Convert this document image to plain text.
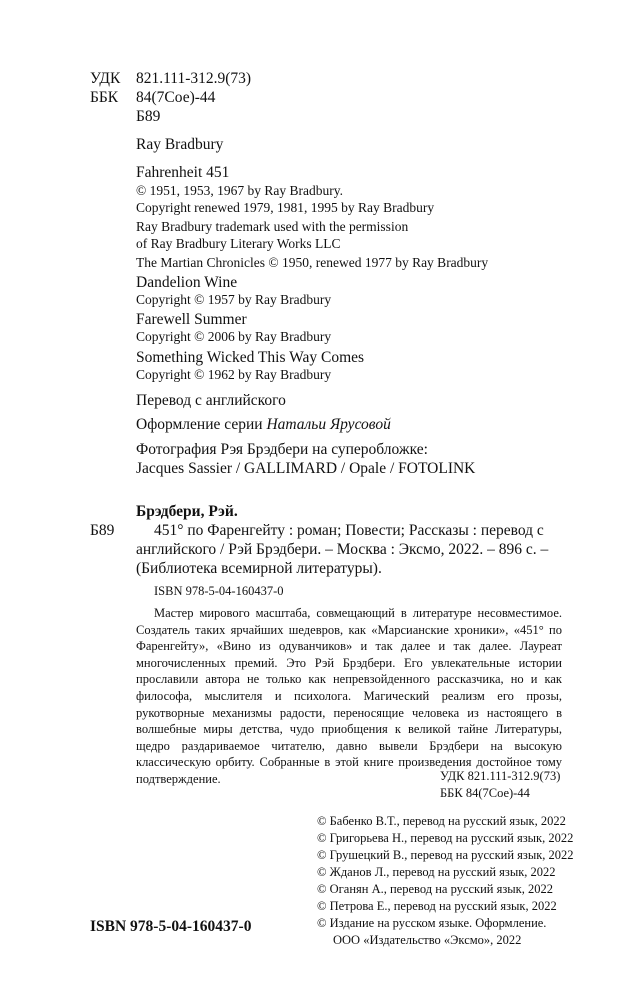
УДК 821.111-312.9(73)
ББК 84(7Сое)-44
Б89
Ray Bradbury
Fahrenheit 451
© 1951, 1953, 1967 by Ray Bradbury.
Copyright renewed 1979, 1981, 1995 by Ray Bradbury
Ray Bradbury trademark used with the permission
of Ray Bradbury Literary Works LLC
The Martian Chronicles © 1950, renewed 1977 by Ray Bradbury
Dandelion Wine
Copyright © 1957 by Ray Bradbury
Farewell Summer
Copyright © 2006 by Ray Bradbury
Something Wicked This Way Comes
Copyright © 1962 by Ray Bradbury
Перевод с английского
Оформление серии Натальи Ярусовой
Фотография Рэя Брэдбери на суперобложке:
Jacques Sassier / GALLIMARD / Opale / FOTOLINK
Брэдбери, Рэй.
Б89	451° по Фаренгейту : роман; Повести; Рассказы : перевод с
английского / Рэй Брэдбери. – Москва : Эксмо, 2022. – 896 с. –
(Библиотека всемирной литературы).
ISBN 978-5-04-160437-0
Мастер мирового масштаба, совмещающий в литературе несовместимое. Создатель таких ярчайших шедевров, как «Марсианские хроники», «451° по Фаренгейту», «Вино из одуванчиков» и так далее и так далее. Лауреат многочисленных премий. Это Рэй Брэдбери. Его увлекательные истории прославили автора не только как непревзойденного рассказчика, но и как философа, мыслителя и психолога. Магический реализм его прозы, рукотворные механизмы радости, переносящие человека из настоящего в волшебные миры детства, чудо приобщения к великой тайне Литературы, щедро раздариваемое читателю, давно вывели Брэдбери на высокую классическую орбиту. Собранные в этой книге произведения достойное тому подтверждение.	УДК 821.111-312.9(73)
ББК 84(7Сое)-44
© Бабенко В.Т., перевод на русский язык, 2022
© Григорьева Н., перевод на русский язык, 2022
© Грушецкий В., перевод на русский язык, 2022
© Жданов Л., перевод на русский язык, 2022
© Оганян А., перевод на русский язык, 2022
© Петрова Е., перевод на русский язык, 2022
© Издание на русском языке. Оформление.
ООО «Издательство «Эксмо», 2022
ISBN 978-5-04-160437-0
